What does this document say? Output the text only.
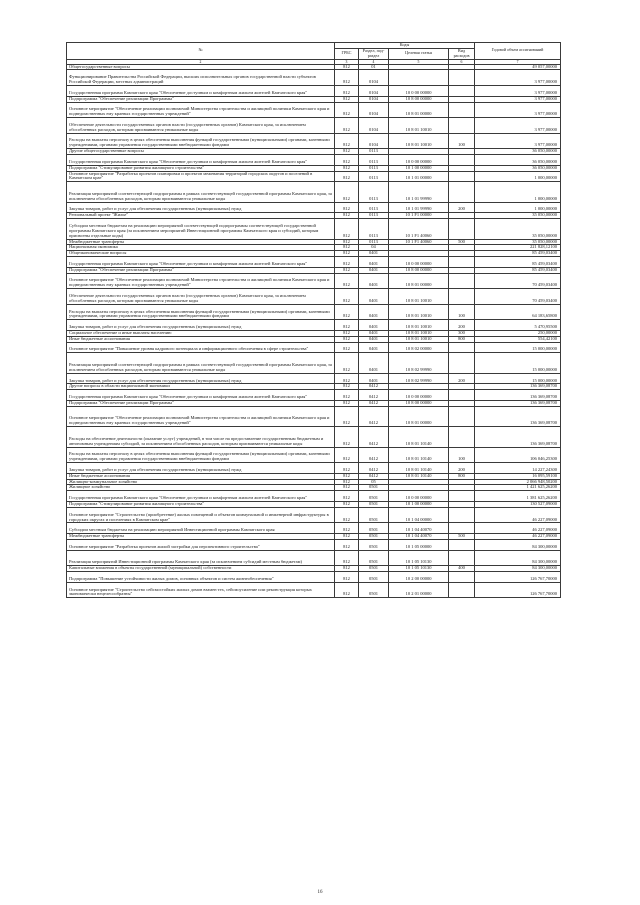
№	Коды				Годовой объем ассигнований
	ГРБС	Раздел, под-раздел	Целевая статья	Вид расходов	
2	3	4	5	6	7
Общегосударственные вопросы	812	01			49 057,00000
Функционирование Правительства Российской Федерации, высших исполнительных органов государственной власти субъектов Российской Федерации, местных администраций	812	0104			3 977,00000
Государственная программа Камчатского края "Обеспечение доступным и комфортным жильем жителей Камчатского края"	812	0104	10 0 00 00000		3 977,00000
Подпрограмма "Обеспечение реализации Программы"	812	0104	10 8 00 00000		3 977,00000
Основное мероприятие "Обеспечение реализации полномочий Министерства строительства и жилищной политики Камчатского края и подведомственных ему краевых государственных учреждений"	812	0104	10 8 01 00000		3 977,00000
Обеспечение деятельности государственных органов власти (государственных органов) Камчатского края, за исключением обособленных расходов, которым присваиваются уникальные коды	812	0104	10 8 01 10010		3 977,00000
Расходы на выплаты персоналу в целях обеспечения выполнения функций государственными (муниципальными) органами, казенными учреждениями, органами управления государственными внебюджетными фондами	812	0104	10 8 01 10010	100	3 977,00000
Другие общегосударственные вопросы	812	0113			36 050,00000
Государственная программа Камчатского края "Обеспечение доступным и комфортным жильем жителей Камчатского края"	812	0113	10 0 00 00000		36 050,00000
Подпрограмма "Стимулирование развития жилищного строительства"	812	0113	10 1 00 00000		36 050,00000
Основное мероприятие "Разработка проектов планировки и проектов межевания территорий городских округов и поселений в Камчатском крае"	812	0113	10 1 01 00000		1 000,00000
Реализация мероприятий соответствующей подпрограммы в рамках соответствующей государственной программы Камчатского края, за исключением обособленных расходов, которым присваиваются уникальные коды	812	0113	10 1 01 99990		1 000,00000
Закупка товаров, работ и услуг для обеспечения государственных (муниципальных) нужд	812	0113	10 1 01 99990	200	1 000,00000
Региональный проект "Жилье"	812	0113	10 1 F1 00000		35 050,00000
Субсидии местным бюджетам на реализацию мероприятий соответствующей подпрограммы соответствующей государственной программы Камчатского края (за исключением мероприятий Инвестиционной программы Камчатского края и субсидий, которым присвоены отдельные коды)	812	0113	10 1 F1 40060		35 050,00000
Межбюджетные трансферты	812	0113	10 1 F1 40060	500	35 050,00000
Национальная экономика	812	04			221 828,12100
Общеэкономические вопросы	812	0401			85 459,03400
Государственная программа Камчатского края "Обеспечение доступным и комфортным жильем жителей Камчатского края"	812	0401	10 0 00 00000		85 459,03400
Подпрограмма "Обеспечение реализации Программы"	812	0401	10 8 00 00000		85 459,03400
Основное мероприятие "Обеспечение реализации полномочий Министерства строительства и жилищной политики Камчатского края и подведомственных ему краевых государственных учреждений"	812	0401	10 8 01 00000		70 459,03400
Обеспечение деятельности государственных органов власти (государственных органов) Камчатского края, за исключением обособленных расходов, которым присваиваются уникальные коды	812	0401	10 8 01 10010		70 459,03400
Расходы на выплаты персоналу в целях обеспечения выполнения функций государственными (муниципальными) органами, казенными учреждениями, органами управления государственными внебюджетными фондами	812	0401	10 8 01 10010	100	64 183,65800
Закупка товаров, работ и услуг для обеспечения государственных (муниципальных) нужд	812	0401	10 8 01 10010	200	5 470,95500
Социальное обеспечение и иные выплаты населению	812	0401	10 8 01 10010	300	250,00000
Иные бюджетные ассигнования	812	0401	10 8 01 10010	800	554,42100
Основное мероприятие "Повышение уровня кадрового потенциала и информационного обеспечения в сфере строительства"	812	0401	10 8 02 00000		15 000,00000
Реализация мероприятий соответствующей подпрограммы в рамках соответствующей государственной программы Камчатского края, за исключением обособленных расходов, которым присваиваются уникальные коды	812	0401	10 8 02 99990		15 000,00000
Закупка товаров, работ и услуг для обеспечения государственных (муниципальных) нужд	812	0401	10 8 02 99990	200	15 000,00000
Другие вопросы в области национальной экономики	812	0412			136 369,08700
Государственная программа Камчатского края "Обеспечение доступным и комфортным жильем жителей Камчатского края"	812	0412	10 0 00 00000		136 369,08700
Подпрограмма "Обеспечение реализации Программы"	812	0412	10 8 00 00000		136 369,08700
Основное мероприятие "Обеспечение реализации полномочий Министерства строительства и жилищной политики Камчатского края и подведомственных ему краевых государственных учреждений"	812	0412	10 8 01 00000		136 369,08700
Расходы на обеспечение деятельности (оказание услуг) учреждений, в том числе на предоставление государственным бюджетным и автономным учреждениям субсидий, за исключением обособленных расходов, которым присваиваются уникальные коды	812	0412	10 8 01 10140		136 369,08700
Расходы на выплаты персоналу в целях обеспечения выполнения функций государственными (муниципальными) органами, казенными учреждениями, органами управления государственными внебюджетными фондами	812	0412	10 8 01 10140	100	106 046,25300
Закупка товаров, работ и услуг для обеспечения государственных (муниципальных) нужд	812	0412	10 8 01 10140	200	14 227,24300
Иные бюджетные ассигнования	812	0412	10 8 01 10140	800	16 095,59100
Жилищно-коммунальное хозяйство	812	05			2 066 948,50200
Жилищное хозяйство	812	0501			1 421 625,26200
Государственная программа Камчатского края "Обеспечение доступным и комфортным жильем жителей Камчатского края"	812	0501	10 0 00 00000		1 381 625,26200
Подпрограмма "Стимулирование развития жилищного строительства"	812	0501	10 1 00 00000		130 527,09000
Основное мероприятие "Строительство (приобретение) жилых помещений и объектов коммунальной и инженерной инфраструктуры в городских округах и поселениях в Камчатском крае"	812	0501	10 1 04 00000		46 227,09000
Субсидии местным бюджетам на реализацию мероприятий Инвестиционной программы Камчатского края	812	0501	10 1 04 40070		46 227,09000
Межбюджетные трансферты	812	0501	10 1 04 40070	500	46 227,09000
Основное мероприятие "Разработка проектов жилой застройки для перспективного строительства"	812	0501	10 1 05 00000		84 300,00000
Реализация мероприятий Инвестиционной программы Камчатского края (за исключением субсидий местным бюджетам)	812	0501	10 1 05 10130		84 300,00000
Капитальные вложения в объекты государственной (муниципальной) собственности	812	0501	10 1 05 10130	400	84 300,00000
Подпрограмма "Повышение устойчивости жилых домов, основных объектов и систем жизнеобеспечения"	812	0501	10 2 00 00000		126 767,70000
Основное мероприятие "Строительство сейсмостойких жилых домов взамен тех, сейсмоусиление или реконструкция которых экономически нецелесообразны"	812	0501	10 2 01 00000		126 767,70000
16
